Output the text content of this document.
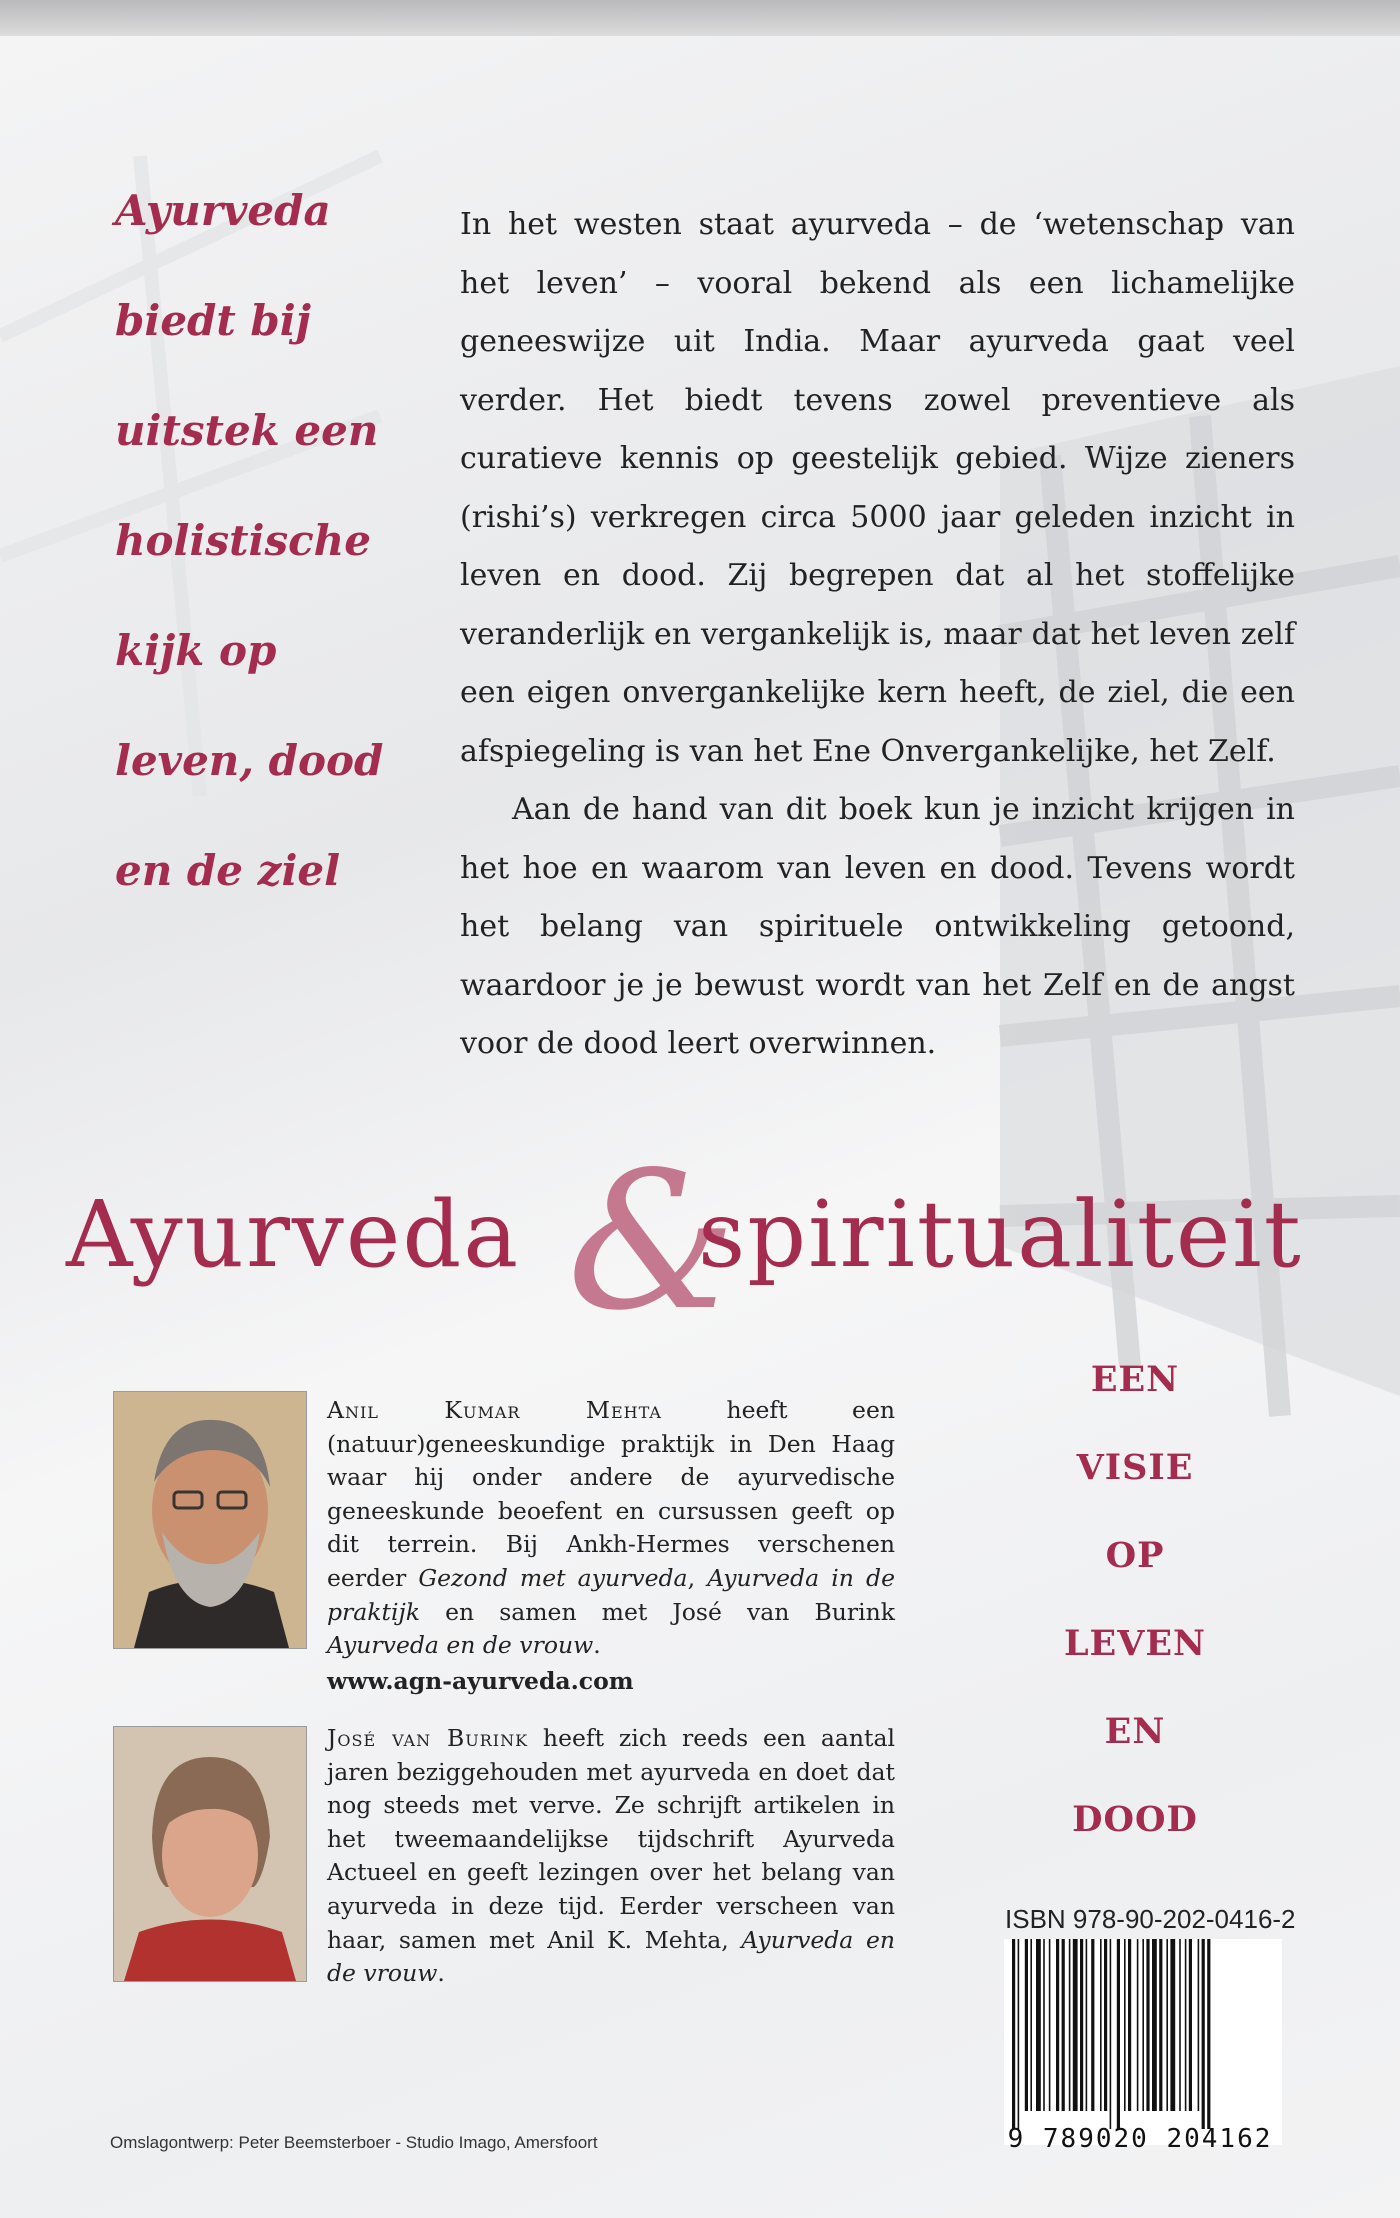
Ayurveda
biedt bij
uitstek een
holistische
kijk op
leven, dood
en de ziel

In het westen staat ayurveda – de ‘wetenschap van het leven’ – vooral bekend als een lichamelijke geneeswijze uit India. Maar ayurveda gaat veel verder. Het biedt tevens zowel preventieve als curatieve kennis op geestelijk gebied. Wijze zieners (rishi’s) verkregen circa 5000 jaar geleden inzicht in leven en dood. Zij begrepen dat al het stoffelijke veranderlijk en vergankelijk is, maar dat het leven zelf een eigen onvergankelijke kern heeft, de ziel, die een afspiegeling is van het Ene Onvergankelijke, het Zelf.

Aan de hand van dit boek kun je inzicht krijgen in het hoe en waarom van leven en dood. Tevens wordt het belang van spirituele ontwikkeling getoond, waardoor je je bewust wordt van het Zelf en de angst voor de dood leert overwinnen.

Ayurveda &
spiritualiteit
EEN
VISIE
OP
LEVEN
EN
DOOD
Anil Kumar Mehta heeft een (natuur)geneeskundige praktijk in Den Haag waar hij onder andere de ayurvedische geneeskunde beoefent en cursussen geeft op dit terrein. Bij Ankh-Hermes verschenen eerder Gezond met ayurveda, Ayurveda in de praktijk en samen met José van Burink Ayurveda en de vrouw.
www.agn-ayurveda.com
José van Burink heeft zich reeds een aantal jaren beziggehouden met ayurveda en doet dat nog steeds met verve. Ze schrijft artikelen in het tweemaandelijkse tijdschrift Ayurveda Actueel en geeft lezingen over het belang van ayurveda in deze tijd. Eerder verscheen van haar, samen met Anil K. Mehta, Ayurveda en de vrouw.
ISBN 978-90-202-0416-2
9 789020 204162
Omslagontwerp: Peter Beemsterboer - Studio Imago, Amersfoort
